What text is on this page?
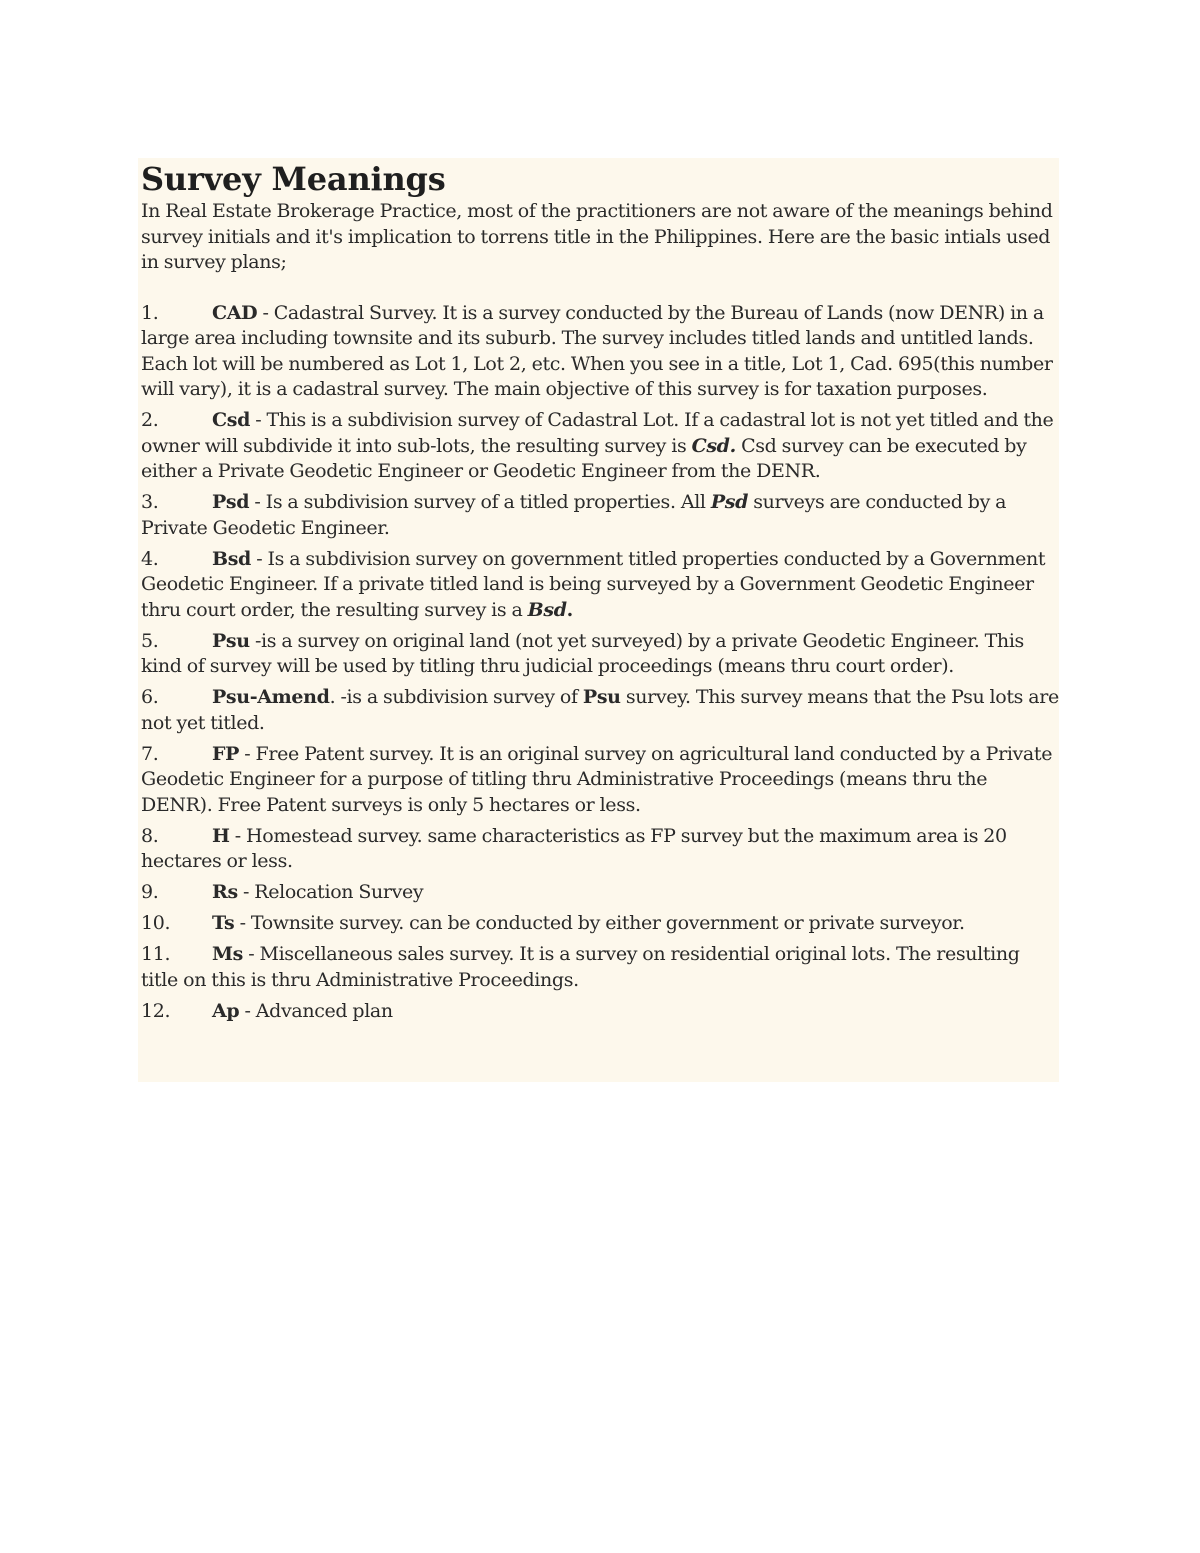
Survey Meanings

In Real Estate Brokerage Practice, most of the practitioners are not aware of the meanings behind survey initials and it's implication to torrens title in the Philippines. Here are the basic intials used in survey plans;

1.	CAD - Cadastral Survey. It is a survey conducted by the Bureau of Lands (now DENR) in a large area including townsite and its suburb. The survey includes titled lands and untitled lands. Each lot will be numbered as Lot 1, Lot 2, etc. When you see in a title, Lot 1, Cad. 695(this number will vary), it is a cadastral survey. The main objective of this survey is for taxation purposes.
2.	Csd - This is a subdivision survey of Cadastral Lot. If a cadastral lot is not yet titled and the owner will subdivide it into sub-lots, the resulting survey is Csd. Csd survey can be executed by either a Private Geodetic Engineer or Geodetic Engineer from the DENR.
3.	Psd - Is a subdivision survey of a titled properties. All Psd surveys are conducted by a Private Geodetic Engineer.
4.	Bsd - Is a subdivision survey on government titled properties conducted by a Government Geodetic Engineer. If a private titled land is being surveyed by a Government Geodetic Engineer thru court order, the resulting survey is a Bsd.
5.	Psu -is a survey on original land (not yet surveyed) by a private Geodetic Engineer. This kind of survey will be used by titling thru judicial proceedings (means thru court order).
6.	Psu-Amend. -is a subdivision survey of Psu survey. This survey means that the Psu lots are not yet titled.
7.	FP - Free Patent survey. It is an original survey on agricultural land conducted by a Private Geodetic Engineer for a purpose of titling thru Administrative Proceedings (means thru the DENR). Free Patent surveys is only 5 hectares or less.
8.	H - Homestead survey. same characteristics as FP survey but the maximum area is 20 hectares or less.
9.	Rs - Relocation Survey
10. Ts - Townsite survey. can be conducted by either government or private surveyor.
11. Ms - Miscellaneous sales survey. It is a survey on residential original lots. The resulting title on this is thru Administrative Proceedings.
12. Ap - Advanced plan
